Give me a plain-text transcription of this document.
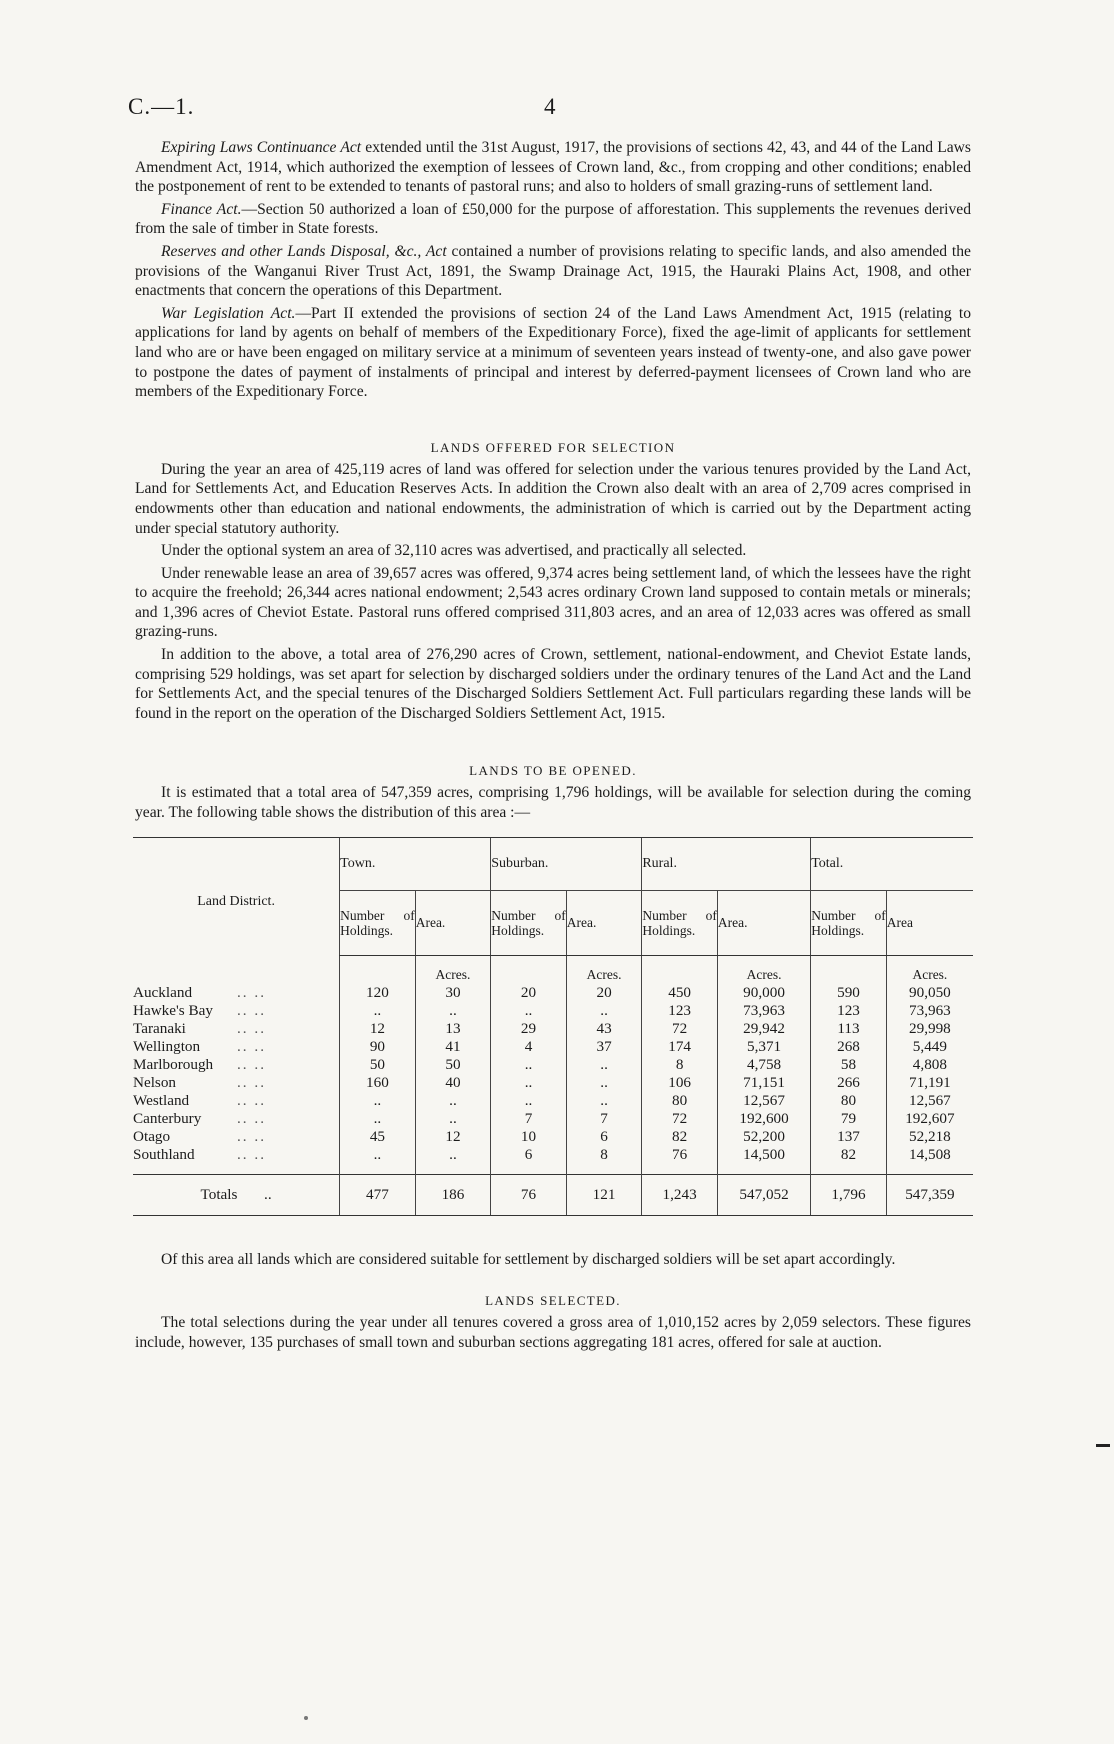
C.—1.	4

Expiring Laws Continuance Act extended until the 31st August, 1917, the provisions of sections 42, 43, and 44 of the Land Laws Amendment Act, 1914, which authorized the exemption of lessees of Crown land, &c., from cropping and other conditions; enabled the postponement of rent to be extended to tenants of pastoral runs; and also to holders of small grazing-runs of settlement land.

Finance Act.—Section 50 authorized a loan of £50,000 for the purpose of afforestation. This supplements the revenues derived from the sale of timber in State forests.

Reserves and other Lands Disposal, &c., Act contained a number of provisions relating to specific lands, and also amended the provisions of the Wanganui River Trust Act, 1891, the Swamp Drainage Act, 1915, the Hauraki Plains Act, 1908, and other enactments that concern the operations of this Department.

War Legislation Act.—Part II extended the provisions of section 24 of the Land Laws Amendment Act, 1915 (relating to applications for land by agents on behalf of members of the Expeditionary Force), fixed the age-limit of applicants for settlement land who are or have been engaged on military service at a minimum of seventeen years instead of twenty-one, and also gave power to postpone the dates of payment of instalments of principal and interest by deferred-payment licensees of Crown land who are members of the Expeditionary Force.

LANDS OFFERED FOR SELECTION

During the year an area of 425,119 acres of land was offered for selection under the various tenures provided by the Land Act, Land for Settlements Act, and Education Reserves Acts. In addition the Crown also dealt with an area of 2,709 acres comprised in endowments other than education and national endowments, the administration of which is carried out by the Department acting under special statutory authority.

Under the optional system an area of 32,110 acres was advertised, and practically all selected.

Under renewable lease an area of 39,657 acres was offered, 9,374 acres being settlement land, of which the lessees have the right to acquire the freehold; 26,344 acres national endowment; 2,543 acres ordinary Crown land supposed to contain metals or minerals; and 1,396 acres of Cheviot Estate. Pastoral runs offered comprised 311,803 acres, and an area of 12,033 acres was offered as small grazing-runs.

In addition to the above, a total area of 276,290 acres of Crown, settlement, national-endowment, and Cheviot Estate lands, comprising 529 holdings, was set apart for selection by discharged soldiers under the ordinary tenures of the Land Act and the Land for Settlements Act, and the special tenures of the Discharged Soldiers Settlement Act. Full particulars regarding these lands will be found in the report on the operation of the Discharged Soldiers Settlement Act, 1915.

LANDS TO BE OPENED.

It is estimated that a total area of 547,359 acres, comprising 1,796 holdings, will be available for selection during the coming year. The following table shows the distribution of this area :—

Land District.	Town.		Suburban.		Rural.		Total.	
	Number of Holdings.	Area.	Number of Holdings.	Area.	Number of Holdings.	Area.	Number of Holdings.	Area
		Acres.		Acres.		Acres.		Acres.

Auckland .. ..	120	30	20	20	450	90,000	590	90,050

Hawke's Bay .. ..	..	..	..	..	123	73,963	123	73,963

Taranaki .. ..	12	13	29	43	72	29,942	113	29,998

Wellington .. ..	90	41	4	37	174	5,371	268	5,449

Marlborough .. ..	50	50	..	..	8	4,758	58	4,808

Nelson .. ..	160	40	..	..	106	71,151	266	71,191

Westland .. ..	..	..	..	..	80	12,567	80	12,567

Canterbury .. ..	..	..	7	7	72	192,600	79	192,607

Otago .. ..	45	12	10	6	82	52,200	137	52,218

Southland .. ..	..	..	6	8	76	14,500	82	14,508

Totals ..	477	186	76	121	1,243	547,052	1,796	547,359

Of this area all lands which are considered suitable for settlement by discharged soldiers will be set apart accordingly.

LANDS SELECTED.

The total selections during the year under all tenures covered a gross area of 1,010,152 acres by 2,059 selectors. These figures include, however, 135 purchases of small town and suburban sections aggregating 181 acres, offered for sale at auction.
